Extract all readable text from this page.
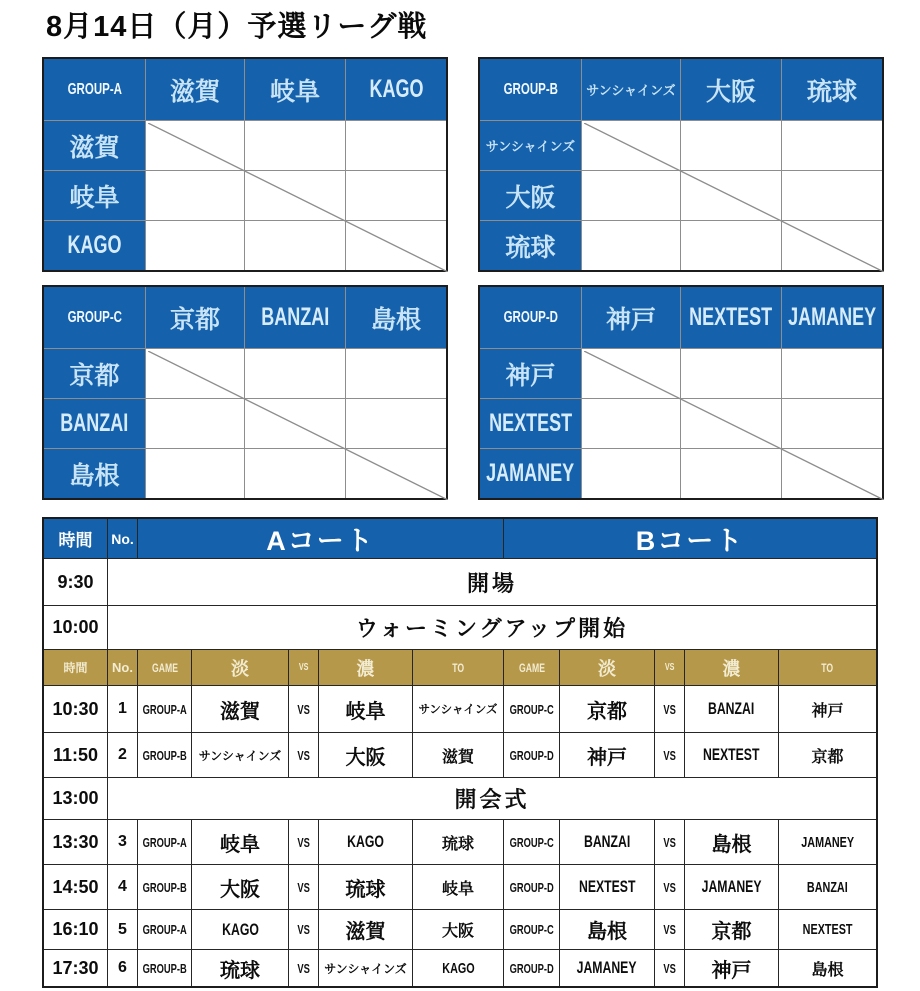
8月14日（月）予選リーグ戦
GROUP-A 滋賀 岐阜 KAGO
滋賀
岐阜
KAGO
GROUP-B サンシャインズ 大阪 琉球
サンシャインズ
大阪
琉球
GROUP-C 京都 BANZAI 島根
京都
BANZAI
島根
GROUP-D 神戸 NEXTEST JAMANEY
神戸
NEXTEST
JAMANEY
時間	No.	Aコート	Bコート
9:30	開場
10:00	ウォーミングアップ開始
時間 No. GAME	淡	VS	濃	TO	GAME	淡	VS	濃	TO
10:30 1 GROUP-A 滋賀	VS 岐阜	サンシャインズ GROUP-C 京都	VS BANZAI	神戸
11:50 2 GROUP-B サンシャインズ VS 大阪	滋賀	GROUP-D 神戸	VS NEXTEST	京都
13:00	開会式
13:30 3 GROUP-A 岐阜	VS KAGO	琉球	GROUP-C BANZAI	VS 島根	JAMANEY
14:50 4 GROUP-B 大阪	VS 琉球	岐阜	GROUP-D NEXTEST VS JAMANEY	BANZAI
16:10 5 GROUP-A KAGO	VS 滋賀	大阪	GROUP-C 島根	VS 京都	NEXTEST
17:30 6 GROUP-B 琉球	VS サンシャインズ KAGO	GROUP-D JAMANEY VS 神戸	島根
